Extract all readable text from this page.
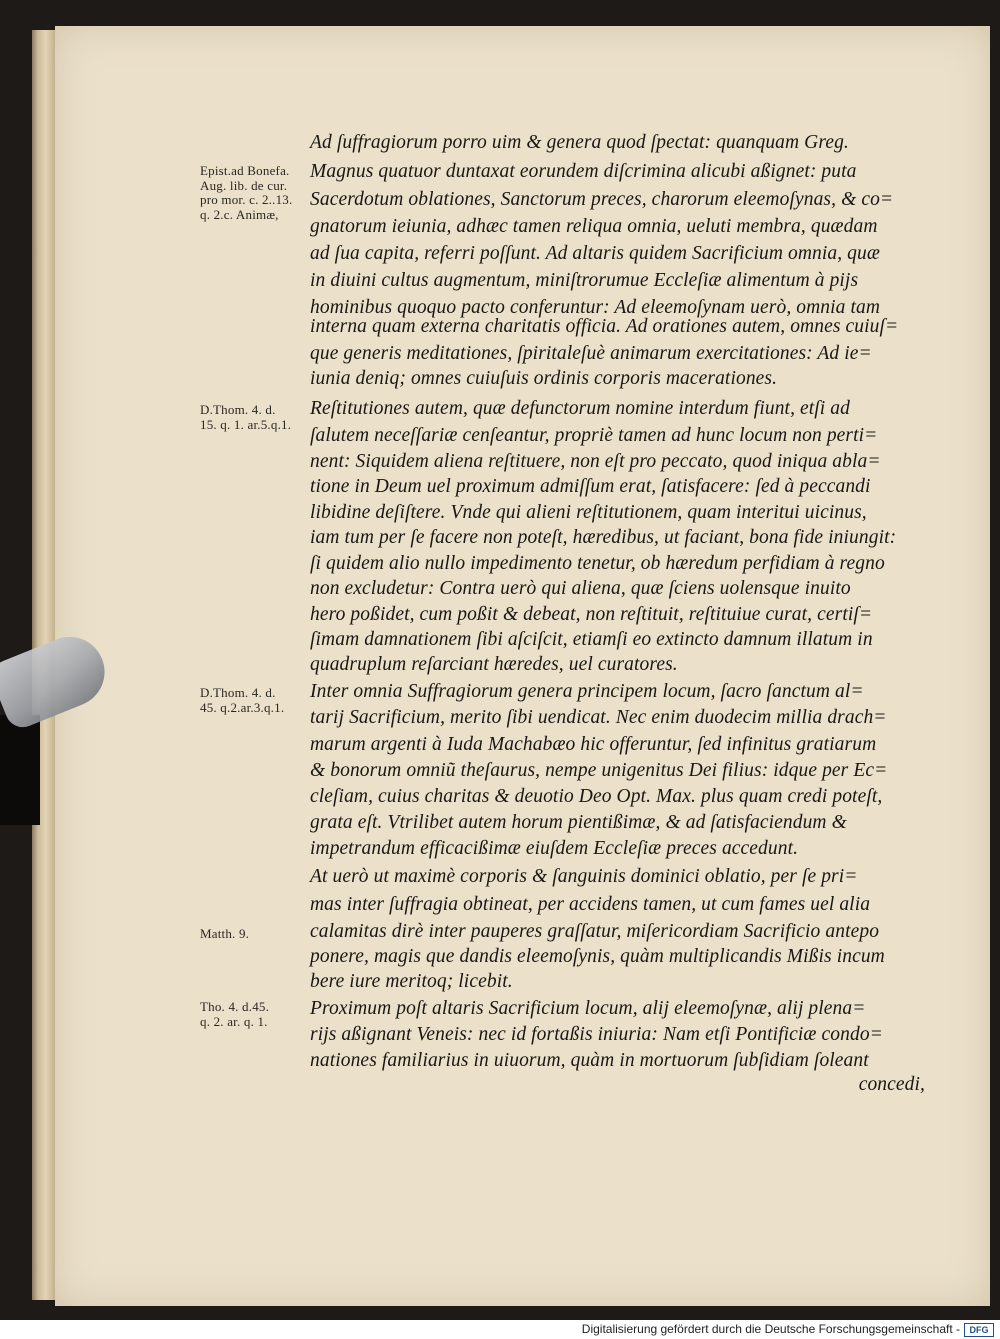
Epist.ad Bonefa.
Aug. lib. de cur.
pro mor. c. 2..13.
q. 2.c. Animæ,
D.Thom. 4. d.
15. q. 1. ar.5.q.1.
D.Thom. 4. d.
45. q.2.ar.3.q.1.
Matth. 9.
Tho. 4. d.45.
q. 2. ar. q. 1.
Ad ſuffragiorum porro uim & genera quod ſpectat: quanquam Greg.
Magnus quatuor duntaxat eorundem diſcrimina alicubi aßignet: puta
Sacerdotum oblationes, Sanctorum preces, charorum eleemoſynas, & co=
gnatorum ieiunia, adhæc tamen reliqua omnia, ueluti membra, quædam
ad ſua capita, referri poſſunt. Ad altaris quidem Sacrificium omnia, quæ
in diuini cultus augmentum, miniſtrorumue Eccleſiæ alimentum à pijs
hominibus quoquo pacto conferuntur: Ad eleemoſynam uerò, omnia tam
interna quam externa charitatis officia. Ad orationes autem, omnes cuiuſ=
que generis meditationes, ſpiritaleſuè animarum exercitationes: Ad ie=
iunia deniq; omnes cuiuſuis ordinis corporis macerationes.
Reſtitutiones autem, quæ defunctorum nomine interdum fiunt, etſi ad
ſalutem neceſſariæ cenſeantur, propriè tamen ad hunc locum non perti=
nent: Siquidem aliena reſtituere, non eſt pro peccato, quod iniqua abla=
tione in Deum uel proximum admiſſum erat, ſatisfacere: ſed à peccandi
libidine deſiſtere. Vnde qui alieni reſtitutionem, quam interitui uicinus,
iam tum per ſe facere non poteſt, hæredibus, ut faciant, bona fide iniungit:
ſi quidem alio nullo impedimento tenetur, ob hæredum perfidiam à regno
non excludetur: Contra uerò qui aliena, quæ ſciens uolensque inuito
hero poßidet, cum poßit & debeat, non reſtituit, reſtituiue curat, certiſ=
ſimam damnationem ſibi aſciſcit, etiamſi eo extincto damnum illatum in
quadruplum reſarciant hæredes, uel curatores.
Inter omnia Suffragiorum genera principem locum, ſacro ſanctum al=
tarij Sacrificium, merito ſibi uendicat. Nec enim duodecim millia drach=
marum argenti à Iuda Machabæo hic offeruntur, ſed infinitus gratiarum
& bonorum omniũ theſaurus, nempe unigenitus Dei filius: idque per Ec=
cleſiam, cuius charitas & deuotio Deo Opt. Max. plus quam credi poteſt,
grata eſt. Vtrilibet autem horum pientißimæ, & ad ſatisfaciendum &
impetrandum efficacißimæ eiuſdem Eccleſiæ preces accedunt.
At uerò ut maximè corporis & ſanguinis dominici oblatio, per ſe pri=
mas inter ſuffragia obtineat, per accidens tamen, ut cum fames uel alia
calamitas dirè inter pauperes graſſatur, miſericordiam Sacrificio antepo
ponere, magis que dandis eleemoſynis, quàm multiplicandis Mißis incum
bere iure meritoq; licebit.
Proximum poſt altaris Sacrificium locum, alij eleemoſynæ, alij plena=
rijs aßignant Veneis: nec id fortaßis iniuria: Nam etſi Pontificiæ condo=
nationes familiarius in uiuorum, quàm in mortuorum ſubſidiam ſoleant
concedi,
Digitalisierung gefördert durch die Deutsche Forschungsgemeinschaft -	DFG
